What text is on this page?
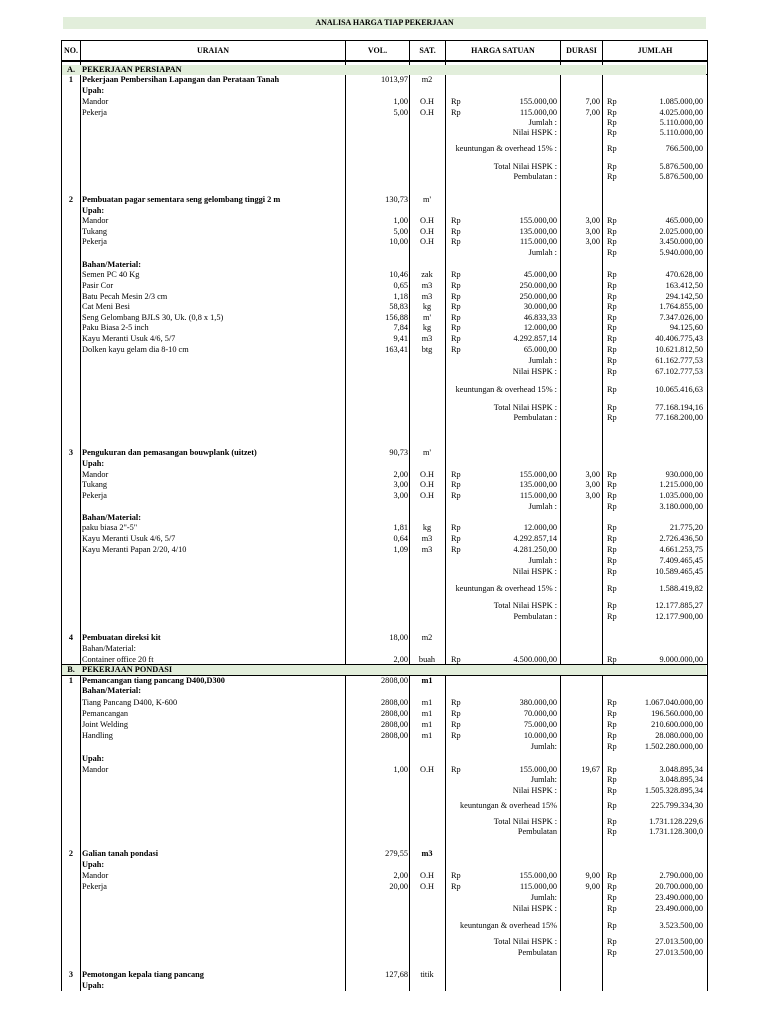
ANALISA HARGA TIAP PEKERJAAN
NO.	URAIAN	VOL.	SAT.	HARGA SATUAN	DURASI	JUMLAH
A. PEKERJAAN PERSIAPAN
1	Pekerjaan Pembersihan Lapangan dan Perataan Tanah	1013,97	m2
Upah:
Mandor	1,00	O.H	Rp	155.000,00	7,00 Rp	1.085.000,00
Pekerja	5,00	O.H	Rp	115.000,00	7,00 Rp	4.025.000,00
Jumlah :	Rp	5.110.000,00
Nilai HSPK :	Rp	5.110.000,00
keuntungan & overhead 15% :	Rp	766.500,00
Total Nilai HSPK :	Rp	5.876.500,00
Pembulatan :	Rp	5.876.500,00
2	Pembuatan pagar sementara seng gelombang tinggi 2 m	130,73	m'
Upah:
Mandor	1,00	O.H	Rp	155.000,00	3,00 Rp	465.000,00
Tukang	5,00	O.H	Rp	135.000,00	3,00 Rp	2.025.000,00
Pekerja	10,00	O.H	Rp	115.000,00	3,00 Rp	3.450.000,00
Jumlah :	Rp	5.940.000,00
Bahan/Material:
Semen PC 40 Kg	10,46	zak	Rp	45.000,00	Rp	470.628,00
Pasir Cor	0,65	m3	Rp	250.000,00	Rp	163.412,50
Batu Pecah Mesin 2/3 cm	1,18	m3	Rp	250.000,00	Rp	294.142,50
Cat Meni Besi	58,83	kg	Rp	30.000,00	Rp	1.764.855,00
Seng Gelombang BJLS 30, Uk. (0,8 x 1,5)	156,88	m'	Rp	46.833,33	Rp	7.347.026,00
Paku Biasa 2-5 inch	7,84	kg	Rp	12.000,00	Rp	94.125,60
Kayu Meranti Usuk 4/6, 5/7	9,41	m3	Rp	4.292.857,14	Rp	40.406.775,43
Dolken kayu gelam dia 8-10 cm	163,41	btg	Rp	65.000,00	Rp	10.621.812,50
Jumlah :	Rp	61.162.777,53
Nilai HSPK :	Rp	67.102.777,53
keuntungan & overhead 15% :	Rp	10.065.416,63
Total Nilai HSPK :	Rp	77.168.194,16
Pembulatan :	Rp	77.168.200,00
3	Pengukuran dan pemasangan bouwplank (uitzet)	90,73	m'
Upah:
Mandor	2,00	O.H	Rp	155.000,00	3,00 Rp	930.000,00
Tukang	3,00	O.H	Rp	135.000,00	3,00 Rp	1.215.000,00
Pekerja	3,00	O.H	Rp	115.000,00	3,00 Rp	1.035.000,00
Jumlah :	Rp	3.180.000,00
Bahan/Material:
paku biasa 2"-5"	1,81	kg	Rp	12.000,00	Rp	21.775,20
Kayu Meranti Usuk 4/6, 5/7	0,64	m3	Rp	4.292.857,14	Rp	2.726.436,50
Kayu Meranti Papan 2/20, 4/10	1,09	m3	Rp	4.281.250,00	Rp	4.661.253,75
Jumlah :	Rp	7.409.465,45
Nilai HSPK :	Rp	10.589.465,45
keuntungan & overhead 15% :	Rp	1.588.419,82
Total Nilai HSPK :	Rp	12.177.885,27
Pembulatan :	Rp	12.177.900,00
4	Pembuatan direksi kit	18,00	m2
Bahan/Material:
Container office 20 ft	2,00	buah	Rp	4.500.000,00	Rp	9.000.000,00
B. PEKERJAAN PONDASI
1	Pemancangan tiang pancang D400,D300	2808,00	m1
Bahan/Material:
Tiang Pancang D400, K-600	2808,00	m1	Rp	380.000,00	Rp	1.067.040.000,00
Pemancangan	2808,00	m1	Rp	70.000,00	Rp	196.560.000,00
Joint Welding	2808,00	m1	Rp	75.000,00	Rp	210.600.000,00
Handling	2808,00	m1	Rp	10.000,00	Rp	28.080.000,00
Jumlah:	Rp	1.502.280.000,00
Upah:
Mandor	1,00	O.H	Rp	155.000,00	19,67 Rp	3.048.895,34
Jumlah:	Rp	3.048.895,34
Nilai HSPK :	Rp	1.505.328.895,34
keuntungan & overhead 15%	Rp	225.799.334,30
Total Nilai HSPK :	Rp	1.731.128.229,6
Pembulatan	Rp	1.731.128.300,0
2	Galian tanah pondasi	279,55	m3
Upah:
Mandor	2,00	O.H	Rp	155.000,00	9,00 Rp	2.790.000,00
Pekerja	20,00	O.H	Rp	115.000,00	9,00 Rp	20.700.000,00
Jumlah:	Rp	23.490.000,00
Nilai HSPK :	Rp	23.490.000,00
keuntungan & overhead 15%	Rp	3.523.500,00
Total Nilai HSPK :	Rp	27.013.500,00
Pembulatan	Rp	27.013.500,00
3	Pemotongan kepala tiang pancang	127,68	titik
Upah:
